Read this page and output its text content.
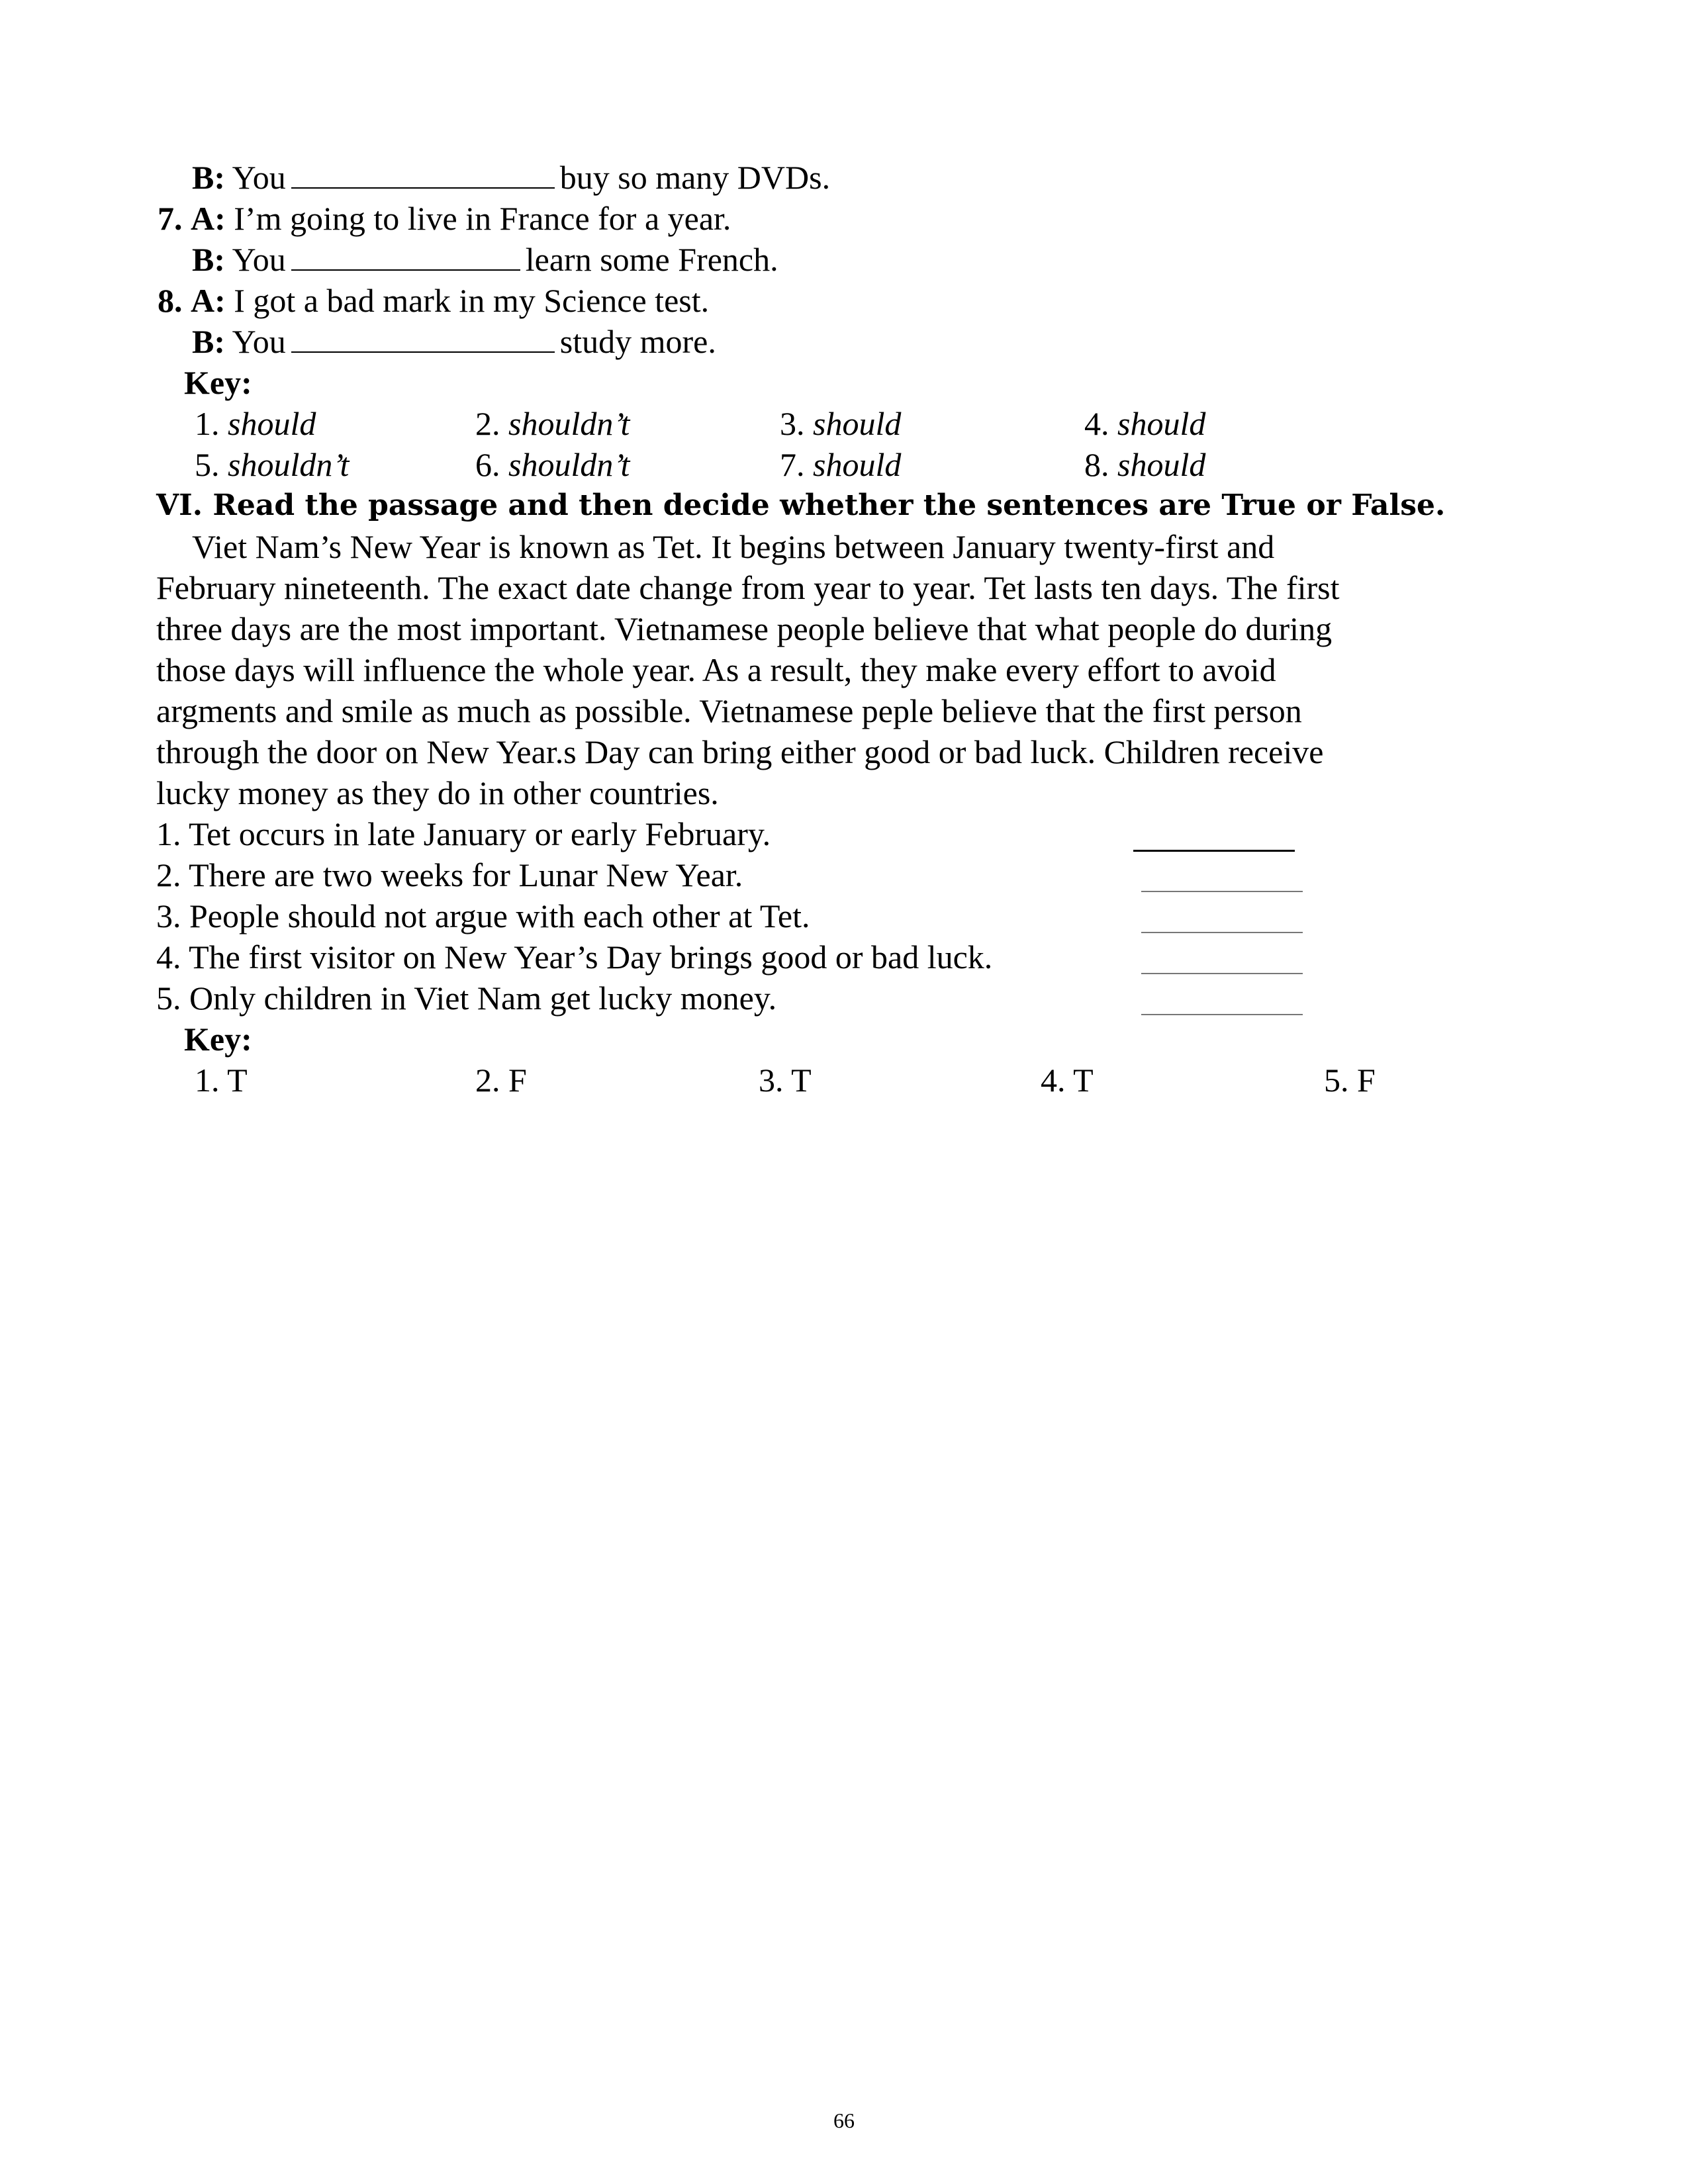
B: You	buy so many DVDs.
7. A: I’m going to live in France for a year.
B: You	learn some French.
8. A: I got a bad mark in my Science test.
B: You	study more.
Key:
1. should	2. shouldn’t	3. should	4. should
5. shouldn’t	6. shouldn’t	7. should	8. should
VI. Read the passage and then decide whether the sentences are True or False.
Viet Nam’s New Year is known as Tet. It begins between January twenty-first and
February nineteenth. The exact date change from year to year. Tet lasts ten days. The first
three days are the most important. Vietnamese people believe that what people do during
those days will influence the whole year. As a result, they make every effort to avoid
argments and smile as much as possible. Vietnamese peple believe that the first person
through the door on New Year.s Day can bring either good or bad luck. Children receive
lucky money as they do in other countries.
1. Tet occurs in late January or early February.
2. There are two weeks for Lunar New Year.
3. People should not argue with each other at Tet.
4. The first visitor on New Year’s Day brings good or bad luck.
5. Only children in Viet Nam get lucky money.
Key:
1. T	2. F	3. T	4. T	5. F
66
